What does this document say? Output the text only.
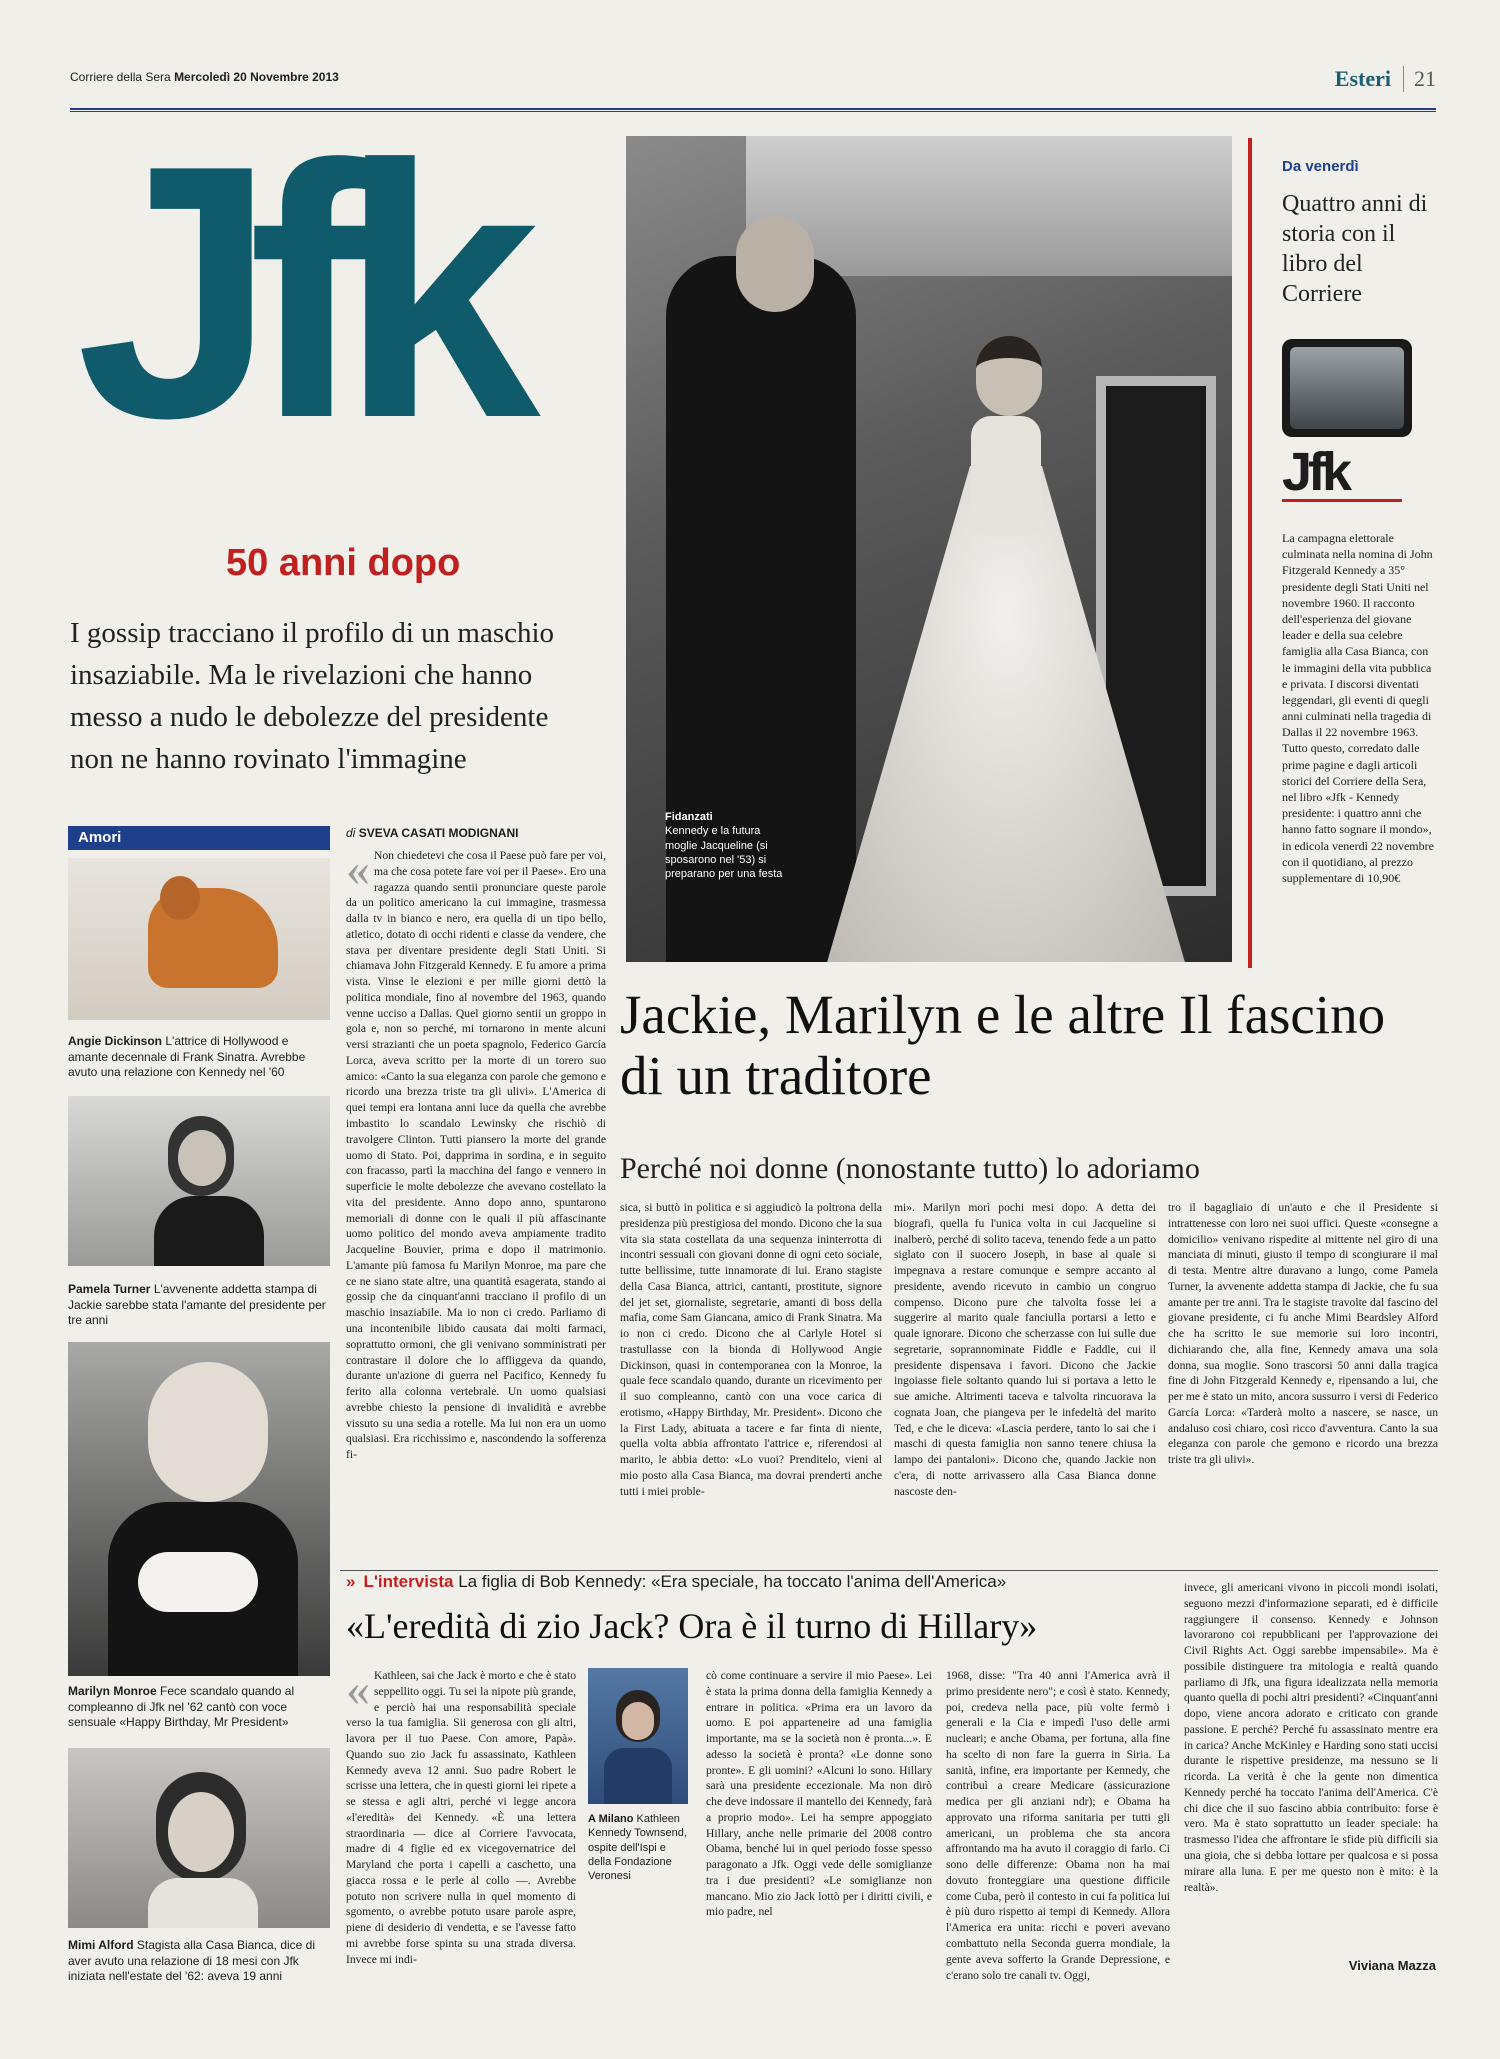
Corriere della Sera Mercoledì 20 Novembre 2013	Esteri	21
Jfk
50 anni dopo
I gossip tracciano il profilo di un maschio insaziabile. Ma le rivelazioni che hanno messo a nudo le debolezze del presidente non ne hanno rovinato l'immagine
Fidanzati
Kennedy e la futura moglie Jacqueline (si sposarono nel '53) si preparano per una festa
Da venerdì
Quattro anni di storia con il libro del Corriere
Jfk
La campagna elettorale culminata nella nomina di John Fitzgerald Kennedy a 35° presidente degli Stati Uniti nel novembre 1960. Il racconto dell'esperienza del giovane leader e della sua celebre famiglia alla Casa Bianca, con le immagini della vita pubblica e privata. I discorsi diventati leggendari, gli eventi di quegli anni culminati nella tragedia di Dallas il 22 novembre 1963. Tutto questo, corredato dalle prime pagine e dagli articoli storici del Corriere della Sera, nel libro «Jfk - Kennedy presidente: i quattro anni che hanno fatto sognare il mondo», in edicola venerdì 22 novembre con il quotidiano, al prezzo supplementare di 10,90€
Amori
Angie Dickinson L'attrice di Hollywood e amante decennale di Frank Sinatra. Avrebbe avuto una relazione con Kennedy nel '60
Pamela Turner L'avvenente addetta stampa di Jackie sarebbe stata l'amante del presidente per tre anni
Marilyn Monroe Fece scandalo quando al compleanno di Jfk nel '62 cantò con voce sensuale «Happy Birthday, Mr President»
Mimi Alford Stagista alla Casa Bianca, dice di aver avuto una relazione di 18 mesi con Jfk iniziata nell'estate del '62: aveva 19 anni
di SVEVA CASATI MODIGNANI
« Non chiedetevi che cosa il Paese può fare per voi, ma che cosa potete fare voi per il Paese». Ero una ragazza quando sentii pronunciare queste parole da un politico americano la cui immagine, trasmessa dalla tv in bianco e nero, era quella di un tipo bello, atletico, dotato di occhi ridenti e classe da vendere, che stava per diventare presidente degli Stati Uniti. Si chiamava John Fitzgerald Kennedy. E fu amore a prima vista. Vinse le elezioni e per mille giorni dettò la politica mondiale, fino al novembre del 1963, quando venne ucciso a Dallas. Quel giorno sentii un groppo in gola e, non so perché, mi tornarono in mente alcuni versi strazianti che un poeta spagnolo, Federico García Lorca, aveva scritto per la morte di un torero suo amico: «Canto la sua eleganza con parole che gemono e ricordo una brezza triste tra gli ulivi». L'America di quei tempi era lontana anni luce da quella che avrebbe imbastito lo scandalo Lewinsky che rischiò di travolgere Clinton. Tutti piansero la morte del grande uomo di Stato. Poi, dapprima in sordina, e in seguito con fracasso, partì la macchina del fango e vennero in superficie le molte debolezze che avevano costellato la vita del presidente. Anno dopo anno, spuntarono memoriali di donne con le quali il più affascinante uomo politico del mondo aveva ampiamente tradito Jacqueline Bouvier, prima e dopo il matrimonio. L'amante più famosa fu Marilyn Monroe, ma pare che ce ne siano state altre, una quantità esagerata, stando ai gossip che da cinquant'anni tracciano il profilo di un maschio insaziabile. Ma io non ci credo. Parliamo di una incontenibile libido causata dai molti farmaci, soprattutto ormoni, che gli venivano somministrati per contrastare il dolore che lo affliggeva da quando, durante un'azione di guerra nel Pacifico, Kennedy fu ferito alla colonna vertebrale. Un uomo qualsiasi avrebbe chiesto la pensione di invalidità e avrebbe vissuto su una sedia a rotelle. Ma lui non era un uomo qualsiasi. Era ricchissimo e, nascondendo la sofferenza fi-
Jackie, Marilyn e le altre Il fascino di un traditore
Perché noi donne (nonostante tutto) lo adoriamo
sica, si buttò in politica e si aggiudicò la poltrona della presidenza più prestigiosa del mondo. Dicono che la sua vita sia stata costellata da una sequenza ininterrotta di incontri sessuali con giovani donne di ogni ceto sociale, tutte bellissime, tutte innamorate di lui. Erano stagiste della Casa Bianca, attrici, cantanti, prostitute, signore del jet set, giornaliste, segretarie, amanti di boss della mafia, come Sam Giancana, amico di Frank Sinatra. Ma io non ci credo. Dicono che al Carlyle Hotel si trastullasse con la bionda di Hollywood Angie Dickinson, quasi in contemporanea con la Monroe, la quale fece scandalo quando, durante un ricevimento per il suo compleanno, cantò con una voce carica di erotismo, «Happy Birthday, Mr. President». Dicono che la First Lady, abituata a tacere e far finta di niente, quella volta abbia affrontato l'attrice e, riferendosi al marito, le abbia detto: «Lo vuoi? Prenditelo, vieni al mio posto alla Casa Bianca, ma dovrai prenderti anche tutti i miei proble-
mi». Marilyn morì pochi mesi dopo. A detta dei biografi, quella fu l'unica volta in cui Jacqueline si inalberò, perché di solito taceva, tenendo fede a un patto siglato con il suocero Joseph, in base al quale si impegnava a restare comunque e sempre accanto al presidente, avendo ricevuto in cambio un congruo compenso. Dicono pure che talvolta fosse lei a suggerire al marito quale fanciulla portarsi a letto e quale ignorare. Dicono che scherzasse con lui sulle due segretarie, soprannominate Fiddle e Faddle, cui il presidente dispensava i favori. Dicono che Jackie ingoiasse fiele soltanto quando lui si portava a letto le sue amiche. Altrimenti taceva e talvolta rincuorava la cognata Joan, che piangeva per le infedeltà del marito Ted, e che le diceva: «Lascia perdere, tanto lo sai che i maschi di questa famiglia non sanno tenere chiusa la lampo dei pantaloni». Dicono che, quando Jackie non c'era, di notte arrivassero alla Casa Bianca donne nascoste den-
tro il bagagliaio di un'auto e che il Presidente si intrattenesse con loro nei suoi uffici. Queste «consegne a domicilio» venivano rispedite al mittente nel giro di una manciata di minuti, giusto il tempo di scongiurare il mal di testa. Mentre altre duravano a lungo, come Pamela Turner, la avvenente addetta stampa di Jackie, che fu sua amante per tre anni. Tra le stagiste travolte dal fascino del giovane presidente, ci fu anche Mimi Beardsley Alford che ha scritto le sue memorie sui loro incontri, dichiarando che, alla fine, Kennedy amava una sola donna, sua moglie. Sono trascorsi 50 anni dalla tragica fine di John Fitzgerald Kennedy e, ripensando a lui, che per me è stato un mito, ancora sussurro i versi di Federico García Lorca: «Tarderà molto a nascere, se nasce, un andaluso così chiaro, così ricco d'avventura. Canto la sua eleganza con parole che gemono e ricordo una brezza triste tra gli ulivi».
» L'intervista La figlia di Bob Kennedy: «Era speciale, ha toccato l'anima dell'America»
«L'eredità di zio Jack? Ora è il turno di Hillary»
« Kathleen, sai che Jack è morto e che è stato seppellito oggi. Tu sei la nipote più grande, e perciò hai una responsabilità speciale verso la tua famiglia. Sii generosa con gli altri, lavora per il tuo Paese. Con amore, Papà». Quando suo zio Jack fu assassinato, Kathleen Kennedy aveva 12 anni. Suo padre Robert le scrisse una lettera, che in questi giorni lei ripete a se stessa e agli altri, perché vi legge ancora «l'eredità» dei Kennedy. «È una lettera straordinaria — dice al Corriere l'avvocata, madre di 4 figlie ed ex vicegovernatrice del Maryland che porta i capelli a caschetto, una giacca rossa e le perle al collo —. Avrebbe potuto non scrivere nulla in quel momento di sgomento, o avrebbe potuto usare parole aspre, piene di desiderio di vendetta, e se l'avesse fatto mi avrebbe forse spinta su una strada diversa. Invece mi indi-
A Milano Kathleen Kennedy Townsend, ospite dell'Ispi e della Fondazione Veronesi
cò come continuare a servire il mio Paese». Lei è stata la prima donna della famiglia Kennedy a entrare in politica. «Prima era un lavoro da uomo. E poi apparteneire ad una famiglia importante, ma se la società non è pronta...». E adesso la società è pronta? «Le donne sono pronte». E gli uomini? «Alcuni lo sono. Hillary sarà una presidente eccezionale. Ma non dirò che deve indossare il mantello dei Kennedy, farà a proprio modo». Lei ha sempre appoggiato Hillary, anche nelle primarie del 2008 contro Obama, benché lui in quel periodo fosse spesso paragonato a Jfk. Oggi vede delle somiglianze tra i due presidenti? «Le somiglianze non mancano. Mio zio Jack lottò per i diritti civili, e mio padre, nel
1968, disse: "Tra 40 anni l'America avrà il primo presidente nero"; e così è stato. Kennedy, poi, credeva nella pace, più volte fermò i generali e la Cia e impedì l'uso delle armi nucleari; e anche Obama, per fortuna, alla fine ha scelto di non fare la guerra in Siria. La sanità, infine, era importante per Kennedy, che contribuì a creare Medicare (assicurazione medica per gli anziani ndr); e Obama ha approvato una riforma sanitaria per tutti gli americani, un problema che sta ancora affrontando ma ha avuto il coraggio di farlo. Ci sono delle differenze: Obama non ha mai dovuto fronteggiare una questione difficile come Cuba, però il contesto in cui fa politica lui è più duro rispetto ai tempi di Kennedy. Allora l'America era unita: ricchi e poveri avevano combattuto nella Seconda guerra mondiale, la gente aveva sofferto la Grande Depressione, e c'erano solo tre canali tv. Oggi,
invece, gli americani vivono in piccoli mondi isolati, seguono mezzi d'informazione separati, ed è difficile raggiungere il consenso. Kennedy e Johnson lavorarono coi repubblicani per l'approvazione dei Civil Rights Act. Oggi sarebbe impensabile». Ma è possibile distinguere tra mitologia e realtà quando parliamo di Jfk, una figura idealizzata nella memoria quanto quella di pochi altri presidenti? «Cinquant'anni dopo, viene ancora adorato e criticato con grande passione. E perché? Perché fu assassinato mentre era in carica? Anche McKinley e Harding sono stati uccisi durante le rispettive presidenze, ma nessuno se li ricorda. La verità è che la gente non dimentica Kennedy perché ha toccato l'anima dell'America. C'è chi dice che il suo fascino abbia contribuito: forse è vero. Ma è stato soprattutto un leader speciale: ha trasmesso l'idea che affrontare le sfide più difficili sia una gioia, che si debba lottare per qualcosa e si possa mirare alla luna. E per me questo non è mito: è la realtà».
Viviana Mazza
